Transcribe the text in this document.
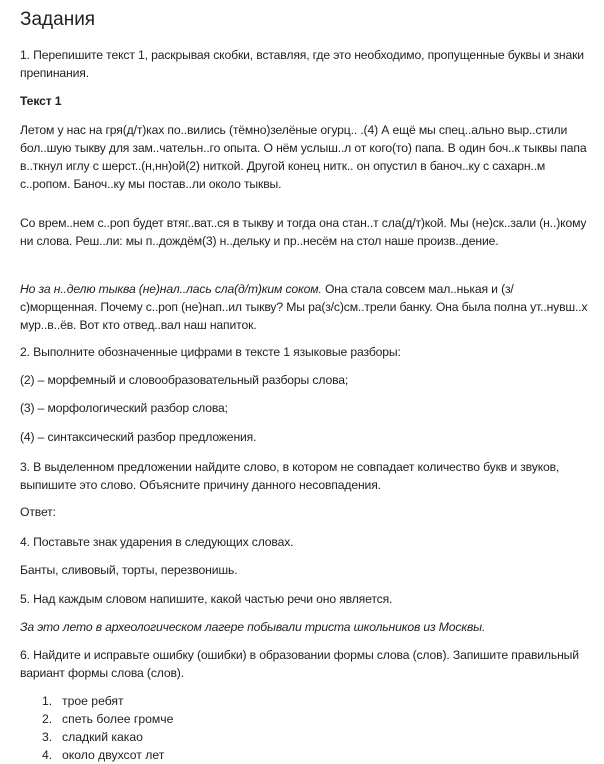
Задания

1. Перепишите текст 1, раскрывая скобки, вставляя, где это необходимо, пропущенные буквы и знаки препинания.

Текст 1

Летом у нас на гря(д/т)ках по..вились (тёмно)зелёные огурц.. .(4) А ещё мы спец..ально выр..стили бол..шую тыкву для зам..чательн..го опыта. О нём услыш..л от кого(то) папа. В один боч..к тыквы папа в..ткнул иглу с шерст..(н,нн)ой(2) ниткой. Другой конец нитк.. он опустил в баноч..ку с сахарн..м с..ропом. Баноч..ку мы постав..ли около тыквы.

Со врем..нем с..роп будет втяг..ват..ся в тыкву и тогда она стан..т сла(д/т)кой. Мы (не)ск..зали (н..)кому ни слова. Реш..ли: мы п..дождём(3) н..дельку и пр..несём на стол наше произв..дение.

Но за н..делю тыква (не)нал..лась сла(д/т)ким соком. Она стала совсем мал..нькая и (з/с)морщенная. Почему с..роп (не)нап..ил тыкву? Мы ра(з/с)см..трели банку. Она была полна ут..нувш..х мур..в..ёв. Вот кто отвед..вал наш напиток.

2. Выполните обозначенные цифрами в тексте 1 языковые разборы:

(2) – морфемный и словообразовательный разборы слова;

(3) – морфологический разбор слова;

(4) – синтаксический разбор предложения.

3. В выделенном предложении найдите слово, в котором не совпадает количество букв и звуков, выпишите это слово. Объясните причину данного несовпадения.

Ответ:

4. Поставьте знак ударения в следующих словах.

Банты, сливовый, торты, перезвонишь.

5. Над каждым словом напишите, какой частью речи оно является.

За это лето в археологическом лагере побывали триста школьников из Москвы.

6. Найдите и исправьте ошибку (ошибки) в образовании формы слова (слов). Запишите правильный вариант формы слова (слов).

1. трое ребят
2. спеть более громче
3. сладкий какао
4. около двухсот лет
